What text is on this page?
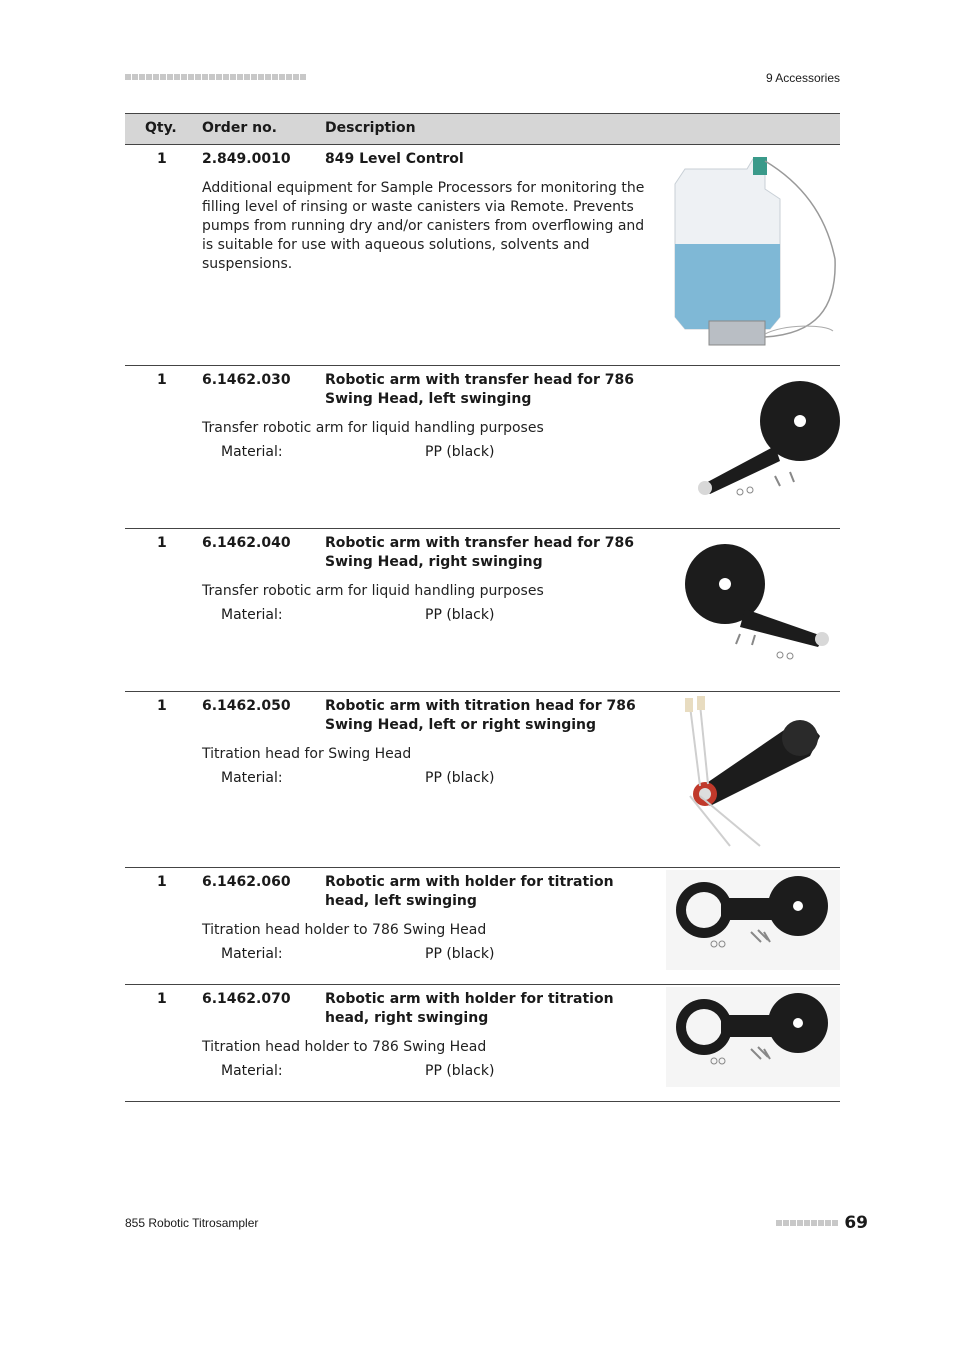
9 Accessories
Qty. Order no.	Description
1	2.849.0010 849 Level Control
Additional equipment for Sample Processors for monitoring the filling level of rinsing or waste canisters via Remote. Prevents pumps from running dry and/or canisters from overflowing and is suitable for use with aqueous solutions, solvents and suspensions.
1	6.1462.030 Robotic arm with transfer head for 786 Swing Head, left swinging
Transfer robotic arm for liquid handling purposes
Material:	PP (black)
1	6.1462.040 Robotic arm with transfer head for 786 Swing Head, right swinging
Transfer robotic arm for liquid handling purposes
Material:	PP (black)
1	6.1462.050 Robotic arm with titration head for 786 Swing Head, left or right swinging
Titration head for Swing Head
Material:	PP (black)
1	6.1462.060 Robotic arm with holder for titration head, left swinging
Titration head holder to 786 Swing Head
Material:	PP (black)
1	6.1462.070 Robotic arm with holder for titration head, right swinging
Titration head holder to 786 Swing Head
Material:	PP (black)
855 Robotic Titrosampler	69
